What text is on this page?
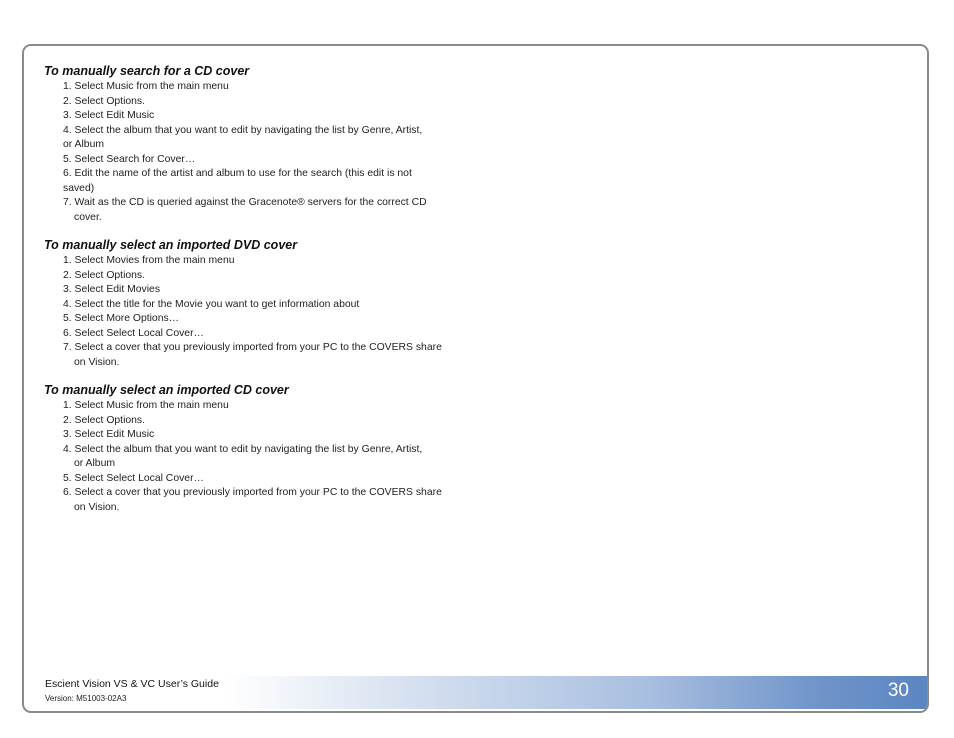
To manually search for a CD cover
1. Select Music from the main menu
2. Select Options.
3. Select Edit Music
4. Select the album that you want to edit by navigating the list by Genre, Artist,
or Album
5. Select Search for Cover…
6. Edit the name of the artist and album to use for the search (this edit is not
saved)
7. Wait as the CD is queried against the Gracenote® servers for the correct CD
cover.
To manually select an imported DVD cover
1. Select Movies from the main menu
2. Select Options.
3. Select Edit Movies
4. Select the title for the Movie you want to get information about
5. Select More Options…
6. Select Select Local Cover…
7. Select a cover that you previously imported from your PC to the COVERS share
on Vision.
To manually select an imported CD cover
1. Select Music from the main menu
2. Select Options.
3. Select Edit Music
4. Select the album that you want to edit by navigating the list by Genre, Artist,
or Album
5. Select Select Local Cover…
6. Select a cover that you previously imported from your PC to the COVERS share
on Vision.
Escient Vision VS & VC User’s Guide
Version: M51003-02A3	30
